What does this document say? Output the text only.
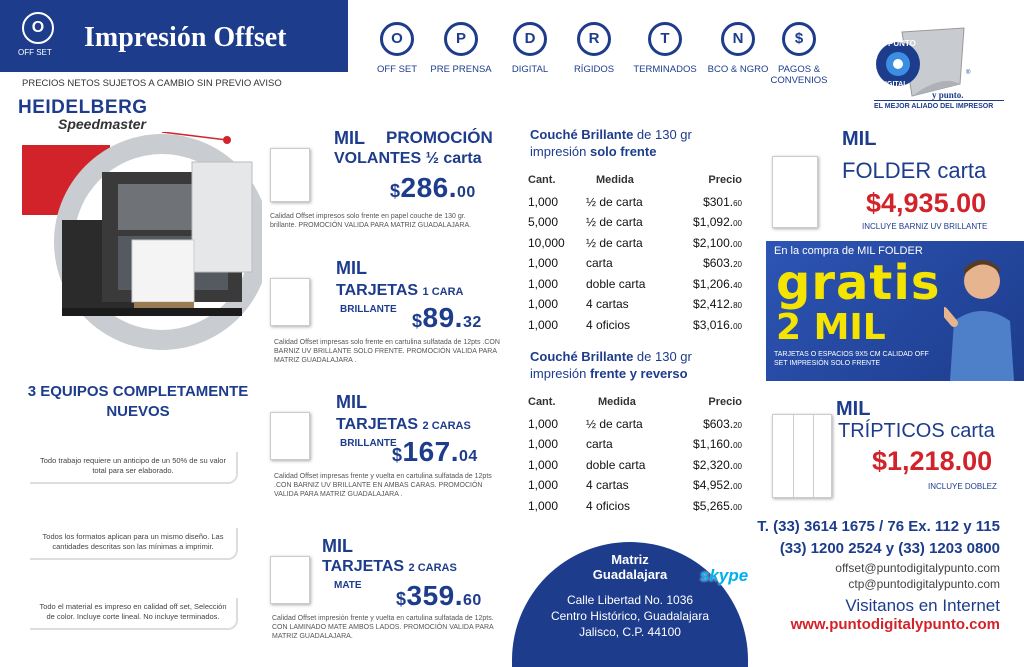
O
OFF SET Impresión Offset
PRECIOS NETOS SUJETOS A CAMBIO SIN PREVIO AVISO
O
OFF SET
P
PRE PRENSA
D
DIGITAL
R
RÍGIDOS
T
TERMINADOS
N
BCO & NGRO
$
PAGOS & CONVENIOS
PUNTO
DIGITAL
y punto.
®
EL MEJOR ALIADO DEL IMPRESOR
HEIDELBERG
Speedmaster
3 EQUIPOS COMPLETAMENTE NUEVOS
Todo trabajo requiere un anticipo de un 50% de su valor total para ser elaborado.
Todos los formatos aplican para un mismo diseño. Las cantidades descritas son las mínimas a imprimir.
Todo el material es impreso en calidad off set, Selección de color. Incluye corte lineal. No incluye terminados.
MIL PROMOCIÓN
VOLANTES ½ carta
$286.00
Calidad Offset impresos solo frente en papel couche de 130 gr. brillante. PROMOCIÓN VALIDA PARA MATRIZ GUADALAJARA.
MIL
TARJETAS 1 CARA
BRILLANTE
$89.32
Calidad Offset impresas solo frente en cartulina sulfatada de 12pts .CON BARNIZ UV BRILLANTE SOLO FRENTE. PROMOCIÓN VALIDA PARA MATRIZ GUADALAJARA .
MIL
TARJETAS 2 CARAS
BRILLANTE
$167.04
Calidad Offset impresas frente y vuelta en cartulina sulfatada de 12pts .CON BARNIZ UV BRILLANTE EN AMBAS CARAS. PROMOCIÓN VALIDA PARA MATRIZ GUADALAJARA .
MIL
TARJETAS 2 CARAS
MATE
$359.60
Calidad Offset impresión frente y vuelta en cartulina sulfatada de 12pts. CON LAMINADO MATE AMBOS LADOS. PROMOCIÓN VALIDA PARA MATRIZ GUADALAJARA.
Couché Brillante de 130 gr
impresión solo frente
Cant.	Medida	Precio
1,000 ½ de carta	$301.60
5,000 ½ de carta	$1,092.00
10,000 ½ de carta	$2,100.00
1,000 carta	$603.20
1,000 doble carta	$1,206.40
1,000 4 cartas	$2,412.80
1,000 4 oficios	$3,016.00
Couché Brillante de 130 gr
impresión frente y reverso
Cant.	Medida	Precio
1,000 ½ de carta	$603.20
1,000 carta	$1,160.00
1,000 doble carta	$2,320.00
1,000 4 cartas	$4,952.00
1,000 4 oficios	$5,265.00
MIL
FOLDER carta
$4,935.00
INCLUYE BARNIZ UV BRILLANTE
En la compra de MIL FOLDER
gratis
2 MIL
TARJETAS O ESPACIOS 9X5 CM CALIDAD OFF SET IMPRESIÓN SOLO FRENTE
MIL
TRÍPTICOS carta
$1,218.00
INCLUYE DOBLEZ
Matriz
Guadalajara
Calle Libertad No. 1036
Centro Histórico, Guadalajara
Jalisco, C.P. 44100
skype
T. (33) 3614 1675 / 76 Ex. 112 y 115
(33) 1200 2524 y (33) 1203 0800
offset@puntodigitalypunto.com
ctp@puntodigitalypunto.com
Visitanos en Internet
www.puntodigitalypunto.com
